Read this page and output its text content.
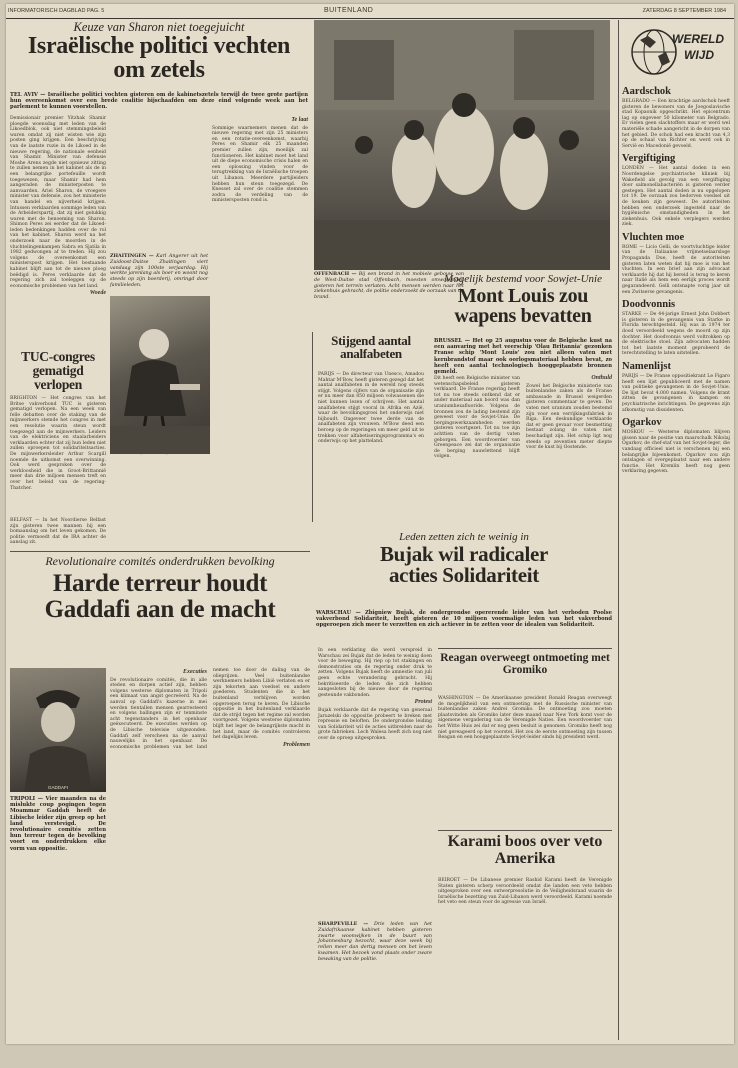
INFORMATORISCH DAGBLAD PAG. 5	BUITENLAND	ZATERDAG 8 SEPTEMBER 1984
Keuze van Sharon niet toegejuicht
Israëlische politici vechten om zetels
TEL AVIV — Israëlische politici vochten gisteren om de kabinetszetels terwijl de twee grote partijen hun overeenkomst over een brede coalitie bijschaafden om deze eind volgende week aan het parlement te kunnen voorstellen.
Demissionair premier Yitzhak Shamir ploegde woensdag met leden van de Likoedblok, ook niet stemmingsbeleid waren omdat zij niet wisten wie zijn posten ging krijgen. Een beschrijving van de laatste ruzie in de Likoed in de nieuwe regering, de nationale eenheid van Shamir. Minister van defensie Moshe Arens zegde niet opnieuw zitting te zullen nemen in het kabinet als de in een belangrijke portefeuille wordt toegewezen, maar Shamir had hem aangeraden de ministerposten te aanvaarden. Ariel Sharon, de vroegere minister van defensie, zou het ministerie van handel en nijverheid krijgen. Intussen verklaarden sommige leden van de Arbeiderspartij, dat zij niet gelukkig waren met de benoeming van Sharon. Shimon Peres zei eerder dat de Likoed-leden bedenkingen hadden over de rol van het kabinet. Sharon werd na het onderzoek naar de moorden in de vluchtelingenkampen Sabra en Sjatila in 1982 gedwongen af te treden. Hij zou volgens de overeenkomst een ministerspost krijgen. Het bestaande kabinet blijft aan tot de nieuwe ploeg beëdigd is. Peres verklaarde dat de regering zich zal toeleggen op de economische problemen van het land.
Woede
Te laat
Sommige waarnemers menen dat de nieuwe regering met zijn 25 ministers en een rotatie-overeenkomst, waarbij Peres en Shamir elk 25 maanden premier zullen zijn, moeilijk zal functioneren. Het kabinet moet het land uit de diepe economische crisis halen en een oplossing vinden voor de terugtrekking van de Israëlische troepen uit Libanon. Meerdere partijleiders hebben hun steun toegezegd. De Knesset zal over de coalitie stemmen zodra de verdeling van de ministersposten rond is.
ZHAITINGEN — Karl Angerer uit het Zuidoost-Duitse Zhaitingen viert vandaag zijn 100ste verjaardag. Hij werkte jarenlang als boer en woont nog steeds op zijn boerderij, omringd door familieleden.
TUC-congres gematigd verlopen
BRIGHTON — Het congres van het Britse vakverbond TUC is gisteren gematigd verlopen. Na een week van felle debatten over de staking van de mijnwerkers stemde het congres in met een resolutie waarin steun wordt toegezegd aan de mijnwerkers. Leiders van de elektriciens en staalarbeiders verklaarden echter dat zij hun leden niet zullen oproepen tot solidariteitsacties. De mijnwerkersleider Arthur Scargill noemde de uitkomst een overwinning. Ook werd gesproken over de werkloosheid die in Groot-Brittannië meer dan drie miljoen mensen treft en over het beleid van de regering-Thatcher.
BELFAST — In het Noordierse Belfast zijn gisteren twee mannen bij een bomaanslag om het leven gekomen. De politie vermoedt dat de IRA achter de aanslag zit.
OFFENBACH — Bij een brand in het mobiele gebouw van de West-Duitse stad Offenbach, moesten omwonenden gisteren het terrein verlaten. Acht mensen werden naar het ziekenhuis gebracht, de politie onderzoekt de oorzaak van de brand.
Stijgend aantal analfabeten
PARIJS — De directeur van Unesco, Amadou Mahtar M'Bow, heeft gisteren gezegd dat het aantal analfabeten in de wereld nog steeds stijgt. Volgens cijfers van de organisatie zijn er nu meer dan 850 miljoen volwassenen die niet kunnen lezen of schrijven. Het aantal analfabeten stijgt vooral in Afrika en Azië, waar de bevolkingsgroei het onderwijs niet bijhoudt. Ongeveer twee derde van de analfabeten zijn vrouwen. M'Bow deed een beroep op de regeringen om meer geld uit te trekken voor alfabetiseringsprogramma's en onderwijs op het platteland.
Mogelijk bestemd voor Sowjet-Unie
Mont Louis zou wapens bevatten
BRUSSEL — Het op 25 augustus voor de Belgische kust na een aanvaring met het veerschip 'Olau Britannia' gezonken Franse schip 'Mont Louis' zou niet alleen vaten met kernbrandstof maar ook oorlogsmateriaal hebben bevat, zo heeft een aantal technologisch hooggeplaatste bronnen gemeld.
Dit heeft een Belgische minister van wetenschapsbeleid gisteren verklaard. De Franse regering heeft tot nu toe steeds ontkend dat er ander materiaal aan boord was dan uraniumhexafluoride. Volgens de bronnen zou de lading bestemd zijn geweest voor de Sovjet-Unie. De bergingswerkzaamheden werden gisteren voortgezet. Tot nu toe zijn achttien van de dertig vaten geborgen. Een woordvoerder van Greenpeace zei dat de organisatie de berging nauwlettend blijft volgen.
Onthuld
Zowel het Belgische ministerie van buitenlandse zaken als de Franse ambassade in Brussel weigerden gisteren commentaar te geven. De vaten met uranium zouden bestemd zijn voor een verrijkingsfabriek in Riga. Een deskundige verklaarde dat er geen gevaar voor besmetting bestaat zolang de vaten niet beschadigd zijn. Het schip ligt nog steeds op zeventien meter diepte voor de kust bij Oostende.
Leden zetten zich te weinig in
Bujak wil radicaler acties Solidariteit
WARSCHAU — Zbigniew Bujak, de ondergrondse opererende leider van het verboden Poolse vakverbond Solidariteit, heeft gisteren de 10 miljoen voormalige leden van het vakverbond opgeroepen zich meer te verzetten en zich actiever in te zetten voor de idealen van Solidariteit.
In een verklaring die werd verspreid in Warschau zei Bujak dat de leden te weinig doen voor de beweging. Hij riep op tot stakingen en demonstraties om de regering onder druk te zetten. Volgens Bujak heeft de amnestie van juli geen echte verandering gebracht. Hij bekritiseerde de leden die zich hebben aangesloten bij de nieuwe door de regering gesteunde vakbonden.
Protest
Bujak verklaarde dat de regering van generaal Jaruzelski de oppositie probeert te breken met repressie en beloften. De ondergrondse leiding van Solidariteit wil de acties uitbreiden naar de grote fabrieken. Lech Walesa heeft zich nog niet over de oproep uitgesproken.
Reagan overweegt ontmoeting met Gromiko
WASHINGTON — De Amerikaanse president Ronald Reagan overweegt de mogelijkheid van een ontmoeting met de Russische minister van buitenlandse zaken Andrei Gromiko. De ontmoeting zou moeten plaatsvinden als Gromiko later deze maand naar New York komt voor de algemene vergadering van de Verenigde Naties. Een woordvoerder van het Witte Huis zei dat er nog geen besluit is genomen. Gromiko heeft nog niet gereageerd op het voorstel. Het zou de eerste ontmoeting zijn tussen Reagan en een hooggeplaatste Sovjet-leider sinds hij president werd.
Karami boos over veto Amerika
BEIROET — De Libanese premier Rashid Karami heeft de Verenigde Staten gisteren scherp veroordeeld omdat die landen een veto hebben uitgesproken over een ontwerpresolutie in de Veiligheidsraad waarin de Israëlische bezetting van Zuid-Libanon werd veroordeeld. Karami noemde het veto een steun voor de agressie van Israël.
SHARPEVILLE — Drie leden van het Zuidafrikaanse kabinet hebben gisteren zwarte woonwijken in de buurt van Johannesburg bezocht, waar deze week bij rellen meer dan dertig mensen om het leven kwamen. Het bezoek vond plaats onder zware bewaking van de politie.
Revolutionaire comités onderdrukken bevolking
Harde terreur houdt Gaddafi aan de macht
GADDAFI
TRIPOLI — Vier maanden na de mislukte coup pogingen tegen Moammar Gaddafi heeft de Libische leider zijn greep op het land verstevigd. De revolutionaire comités zetten hun terreur tegen de bevolking voort en onderdrukken elke vorm van oppositie.
Executies
De revolutionaire comités, die in alle steden en dorpen actief zijn, hebben volgens westerse diplomaten in Tripoli een klimaat van angst gecreëerd. Na de aanval op Gaddafi's kazerne in mei werden tientallen mensen gearresteerd en volgens ballingen zijn er tenminste acht tegenstanders in het openbaar geëxecuteerd. De executies werden op de Libische televisie uitgezonden. Gaddafi zelf verscheen na de aanval nauwelijks in het openbaar. De economische problemen van het land nemen toe door de daling van de olieprijzen. Veel buitenlandse werknemers hebben Libië verlaten en er zijn tekorten aan voedsel en andere goederen. Studenten die in het buitenland verblijven worden opgeroepen terug te keren. De Libische oppositie in het buitenland verklaarde dat de strijd tegen het regime zal worden voortgezet. Volgens westerse diplomaten blijft het leger de belangrijkste macht in het land, maar de comités controleren het dagelijks leven.
Problemen
WERELD
WIJD
Aardschok
BELGRADO — Een krachtige aardschok heeft gisteren de bewoners van de Joegoslavische stad Kopaonik opgeschrikt. Het epicentrum lag op ongeveer 50 kilometer van Belgrado. Er vielen geen slachtoffers maar er werd wel materiële schade aangericht in de dorpen van het gebied. De schok had een kracht van 4,3 op de schaal van Richter en werd ook in Servië en Macedonië gevoeld.
Vergiftiging
LONDEN — Het aantal doden in een Noordengelse psychiatrische kliniek bij Wakefield als gevolg van een vergiftiging door salmonellabacteriën is gisteren verder gestegen. Het aantal doden is nu opgelopen tot 19. De oorzaak zou bedorven voedsel uit de keuken zijn geweest. De autoriteiten hebben een onderzoek ingesteld naar de hygiënische omstandigheden in het ziekenhuis. Ook enkele verplegers werden ziek.
Vluchten moe
ROME — Licio Gelli, de voortvluchtige leider van de Italiaanse vrijmetselaarsloge Propaganda Due, heeft de autoriteiten gisteren laten weten dat hij moe is van het vluchten. In een brief aan zijn advocaat verklaarde hij dat hij bereid is terug te keren naar Italië als hem een eerlijk proces wordt gegarandeerd. Gelli ontsnapte vorig jaar uit een Zwitserse gevangenis.
Doodvonnis
STARKE — De 44-jarige Ernest John Dobbert is gisteren in de gevangenis van Starke in Florida terechtgesteld. Hij was in 1974 ter dood veroordeeld wegens de moord op zijn dochter. Het doodvonnis werd voltrokken op de elektrische stoel. Zijn advocaten hadden tot het laatste moment geprobeerd de terechtstelling te laten uitstellen.
Namenlijst
PARIJS — De Franse oppositiekrant Le Figaro heeft een lijst gepubliceerd met de namen van politieke gevangenen in de Sovjet-Unie. De lijst bevat 4.000 namen. Volgens de krant zitten de gevangenen in kampen en psychiatrische inrichtingen. De gegevens zijn afkomstig van dissidenten.
Ogarkov
MOSKOU — Westerse diplomaten blijven gissen naar de positie van maarschalk Nikolaj Ogarkov, de chef-staf van het Sovjet-leger, die vandaag officieel niet is verschenen bij een belangrijke bijeenkomst. Ogarkov zou zijn ontslagen of overgeplaatst naar een andere functie. Het Kremlin heeft nog geen verklaring gegeven.
